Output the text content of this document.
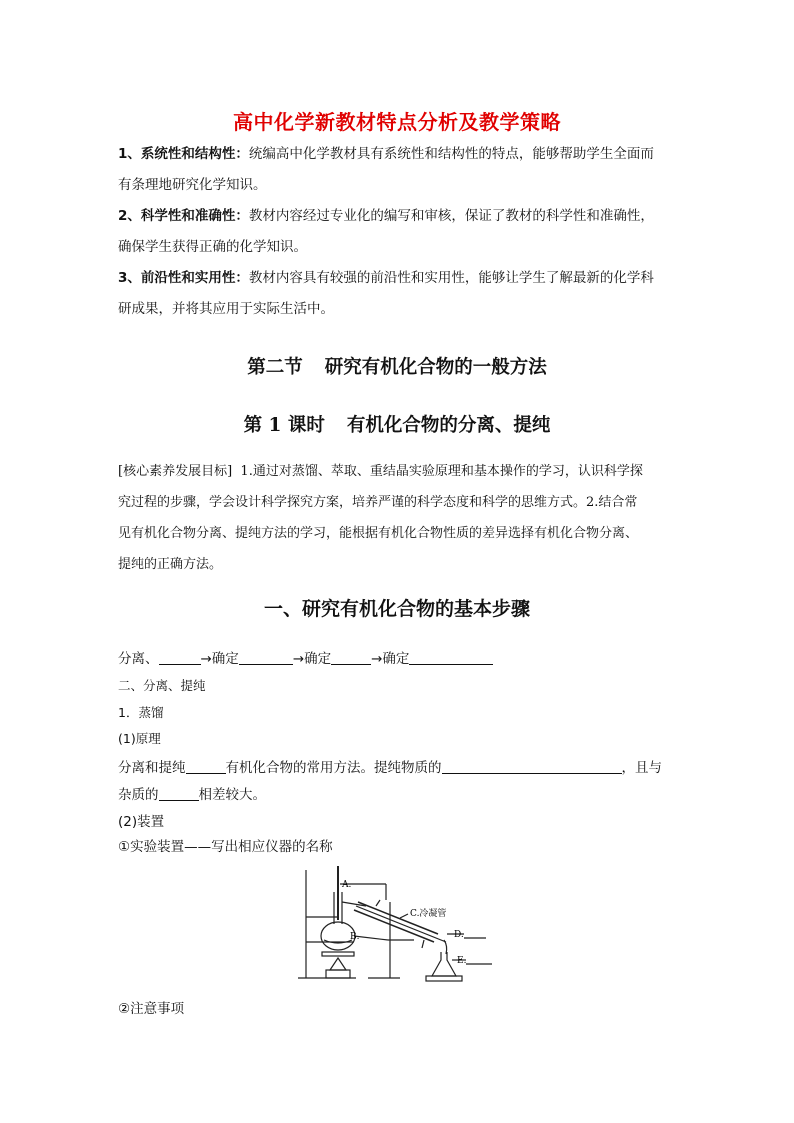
高中化学新教材特点分析及教学策略
1、系统性和结构性：统编高中化学教材具有系统性和结构性的特点，能够帮助学生全面而
有条理地研究化学知识。
2、科学性和准确性：教材内容经过专业化的编写和审核，保证了教材的科学性和准确性，
确保学生获得正确的化学知识。
3、前沿性和实用性：教材内容具有较强的前沿性和实用性，能够让学生了解最新的化学科
研成果，并将其应用于实际生活中。
第二节 研究有机化合物的一般方法
第 1 课时 有机化合物的分离、提纯
[核心素养发展目标] 1.通过对蒸馏、萃取、重结晶实验原理和基本操作的学习，认识科学探
究过程的步骤，学会设计科学探究方案，培养严谨的科学态度和科学的思维方式。2.结合常
见有机化合物分离、提纯方法的学习，能根据有机化合物性质的差异选择有机化合物分离、
提纯的正确方法。
一、研究有机化合物的基本步骤
分离、	→确定	→确定	→确定
二、分离、提纯
1．蒸馏
(1)原理
分离和提纯	有机化合物的常用方法。提纯物质的	，且与
杂质的	相差较大。
(2)装置
①实验装置——写出相应仪器的名称
A.
B.
C.冷凝管
D.
E.
②注意事项
